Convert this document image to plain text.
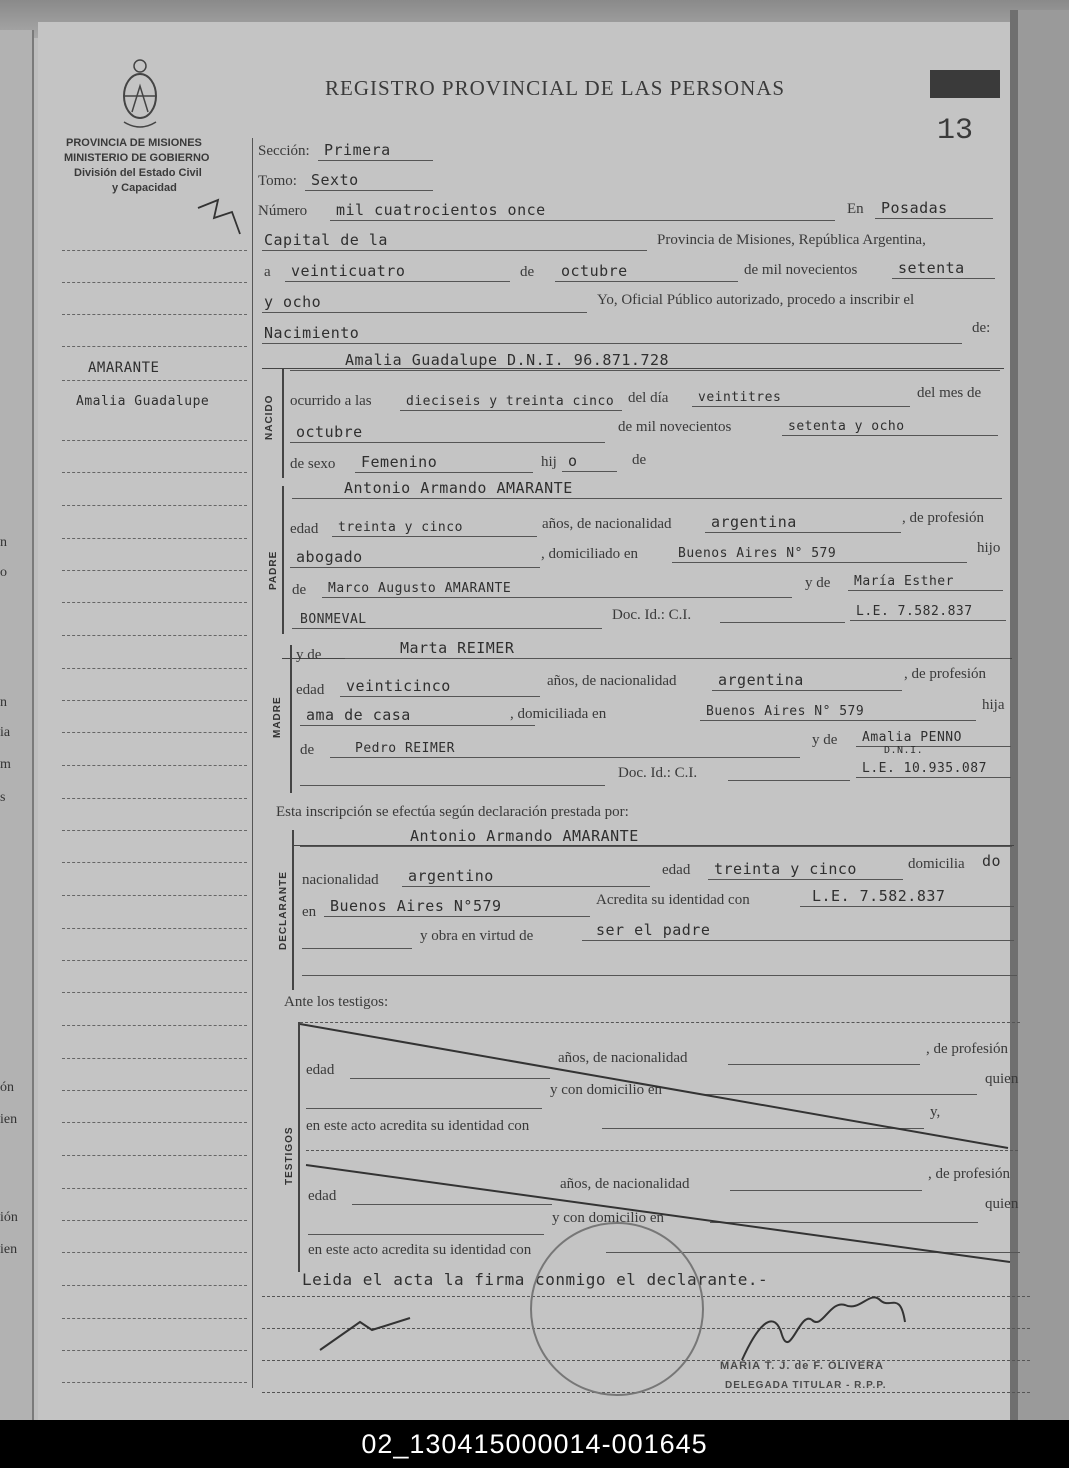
n
o
n
ia
m
s
ón
ien
ión
ien
REGISTRO PROVINCIAL DE LAS PERSONAS
13
PROVINCIA DE MISIONES
MINISTERIO DE GOBIERNO
División del Estado Civil
y Capacidad
AMARANTE
Amalia Guadalupe
Sección: Primera
Tomo: Sexto
Número mil cuatrocientos once	En Posadas
Capital de la	Provincia de Misiones, República Argentina,
a veinticuatro	de octubre	de mil novecientos	setenta
y ocho	Yo, Oficial Público autorizado, procedo a inscribir el
Nacimiento	de:
NACIDO
Amalia Guadalupe D.N.I. 96.871.728
ocurrido a las	dieciseis y treinta cinco del día veintitres	del mes de
octubre	de mil novecientos	setenta y ocho
de sexo Femenino	hij o	de
PADRE
Antonio Armando AMARANTE
edad treinta y cinco	años, de nacionalidad	argentina	, de profesión
abogado	, domiciliado en	Buenos Aires N° 579	hijo
de Marco Augusto AMARANTE	y de María Esther
BONMEVAL	Doc. Id.: C.I.	L.E. 7.582.837
MADRE
y de	Marta REIMER
edad veinticinco	años, de nacionalidad	argentina	, de profesión
ama de casa	, domiciliada en	Buenos Aires N° 579	hija
de	Pedro REIMER
y de Amalia PENNO
D.N.I.
Doc. Id.: C.I.	L.E. 10.935.087
Esta inscripción se efectúa según declaración prestada por:
DECLARANTE
Antonio Armando AMARANTE
nacionalidad argentino	edad treinta y cinco	domicilia do
en Buenos Aires N°579	Acredita su identidad con	L.E. 7.582.837
y obra en virtud de	ser el padre
Ante los testigos:
TESTIGOS
edad
años, de nacionalidad
, de profesión
y con domicilio en
quien
en este acto acredita su identidad con
y,
edad
años, de nacionalidad
, de profesión
y con domicilio en
quien
en este acto acredita su identidad con
Leida el acta la firma conmigo el declarante.-
MARIA T. J. de F. OLIVERA
DELEGADA TITULAR - R.P.P.
02_130415000014-001645
